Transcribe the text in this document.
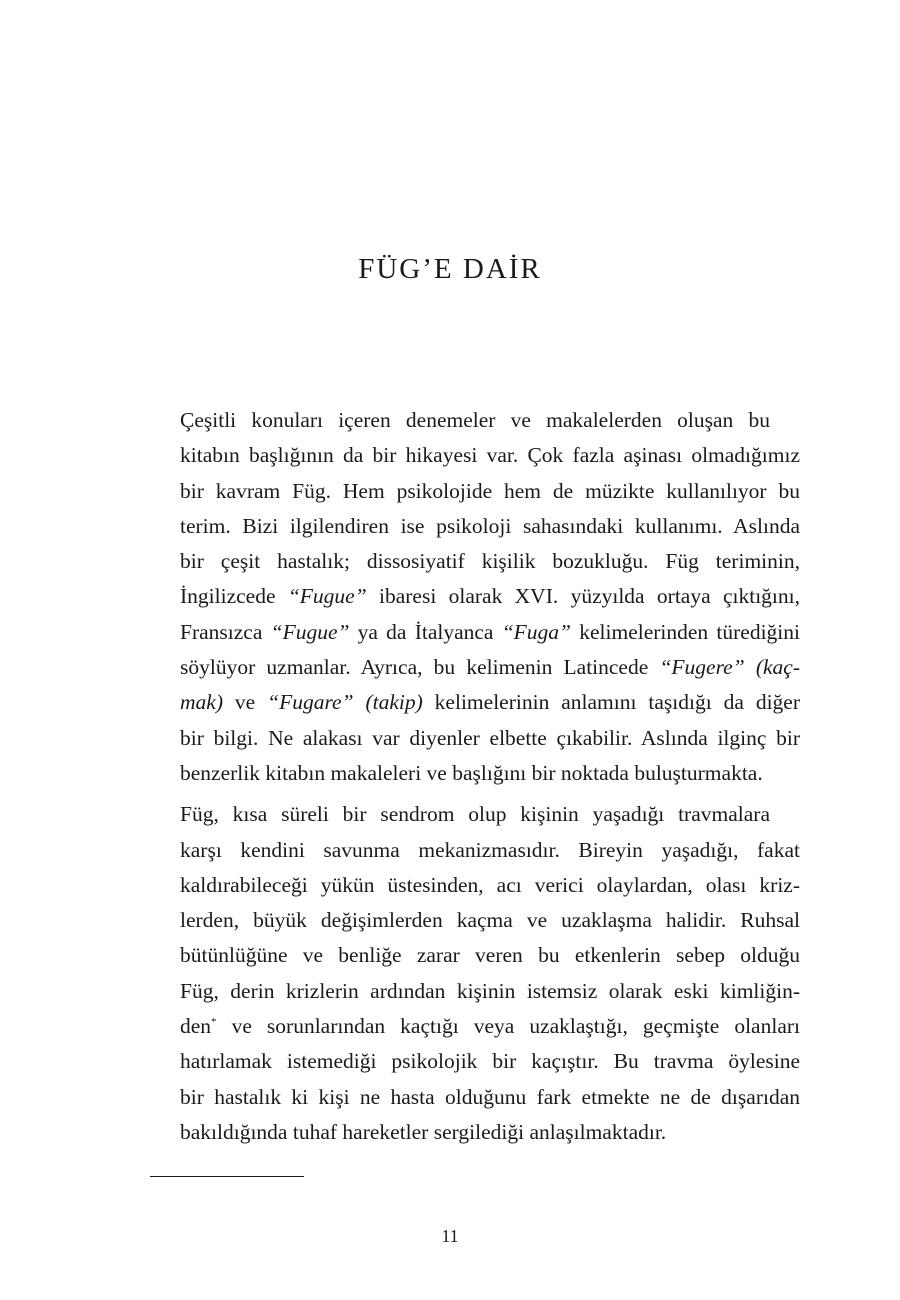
FÜG’E DAİR

Çeşitli konuları içeren denemeler ve makalelerden oluşan bu
kitabın başlığının da bir hikayesi var. Çok fazla aşinası olmadığımız
bir kavram Füg. Hem psikolojide hem de müzikte kullanılıyor bu
terim. Bizi ilgilendiren ise psikoloji sahasındaki kullanımı. Aslında
bir çeşit hastalık; dissosiyatif kişilik bozukluğu. Füg teriminin,
İngilizcede “Fugue” ibaresi olarak XVI. yüzyılda ortaya çıktığını,
Fransızca “Fugue” ya da İtalyanca “Fuga” kelimelerinden türediğini
söylüyor uzmanlar. Ayrıca, bu kelimenin Latincede “Fugere” (kaç-
mak) ve “Fugare” (takip) kelimelerinin anlamını taşıdığı da diğer
bir bilgi. Ne alakası var diyenler elbette çıkabilir. Aslında ilginç bir
benzerlik kitabın makaleleri ve başlığını bir noktada buluşturmakta.

Füg, kısa süreli bir sendrom olup kişinin yaşadığı travmalara
karşı kendini savunma mekanizmasıdır. Bireyin yaşadığı, fakat
kaldırabileceği yükün üstesinden, acı verici olaylardan, olası kriz-
lerden, büyük değişimlerden kaçma ve uzaklaşma halidir. Ruhsal
bütünlüğüne ve benliğe zarar veren bu etkenlerin sebep olduğu
Füg, derin krizlerin ardından kişinin istemsiz olarak eski kimliğin-
den* ve sorunlarından kaçtığı veya uzaklaştığı, geçmişte olanları
hatırlamak istemediği psikolojik bir kaçıştır. Bu travma öylesine
bir hastalık ki kişi ne hasta olduğunu fark etmekte ne de dışarıdan
bakıldığında tuhaf hareketler sergilediği anlaşılmaktadır.

11
